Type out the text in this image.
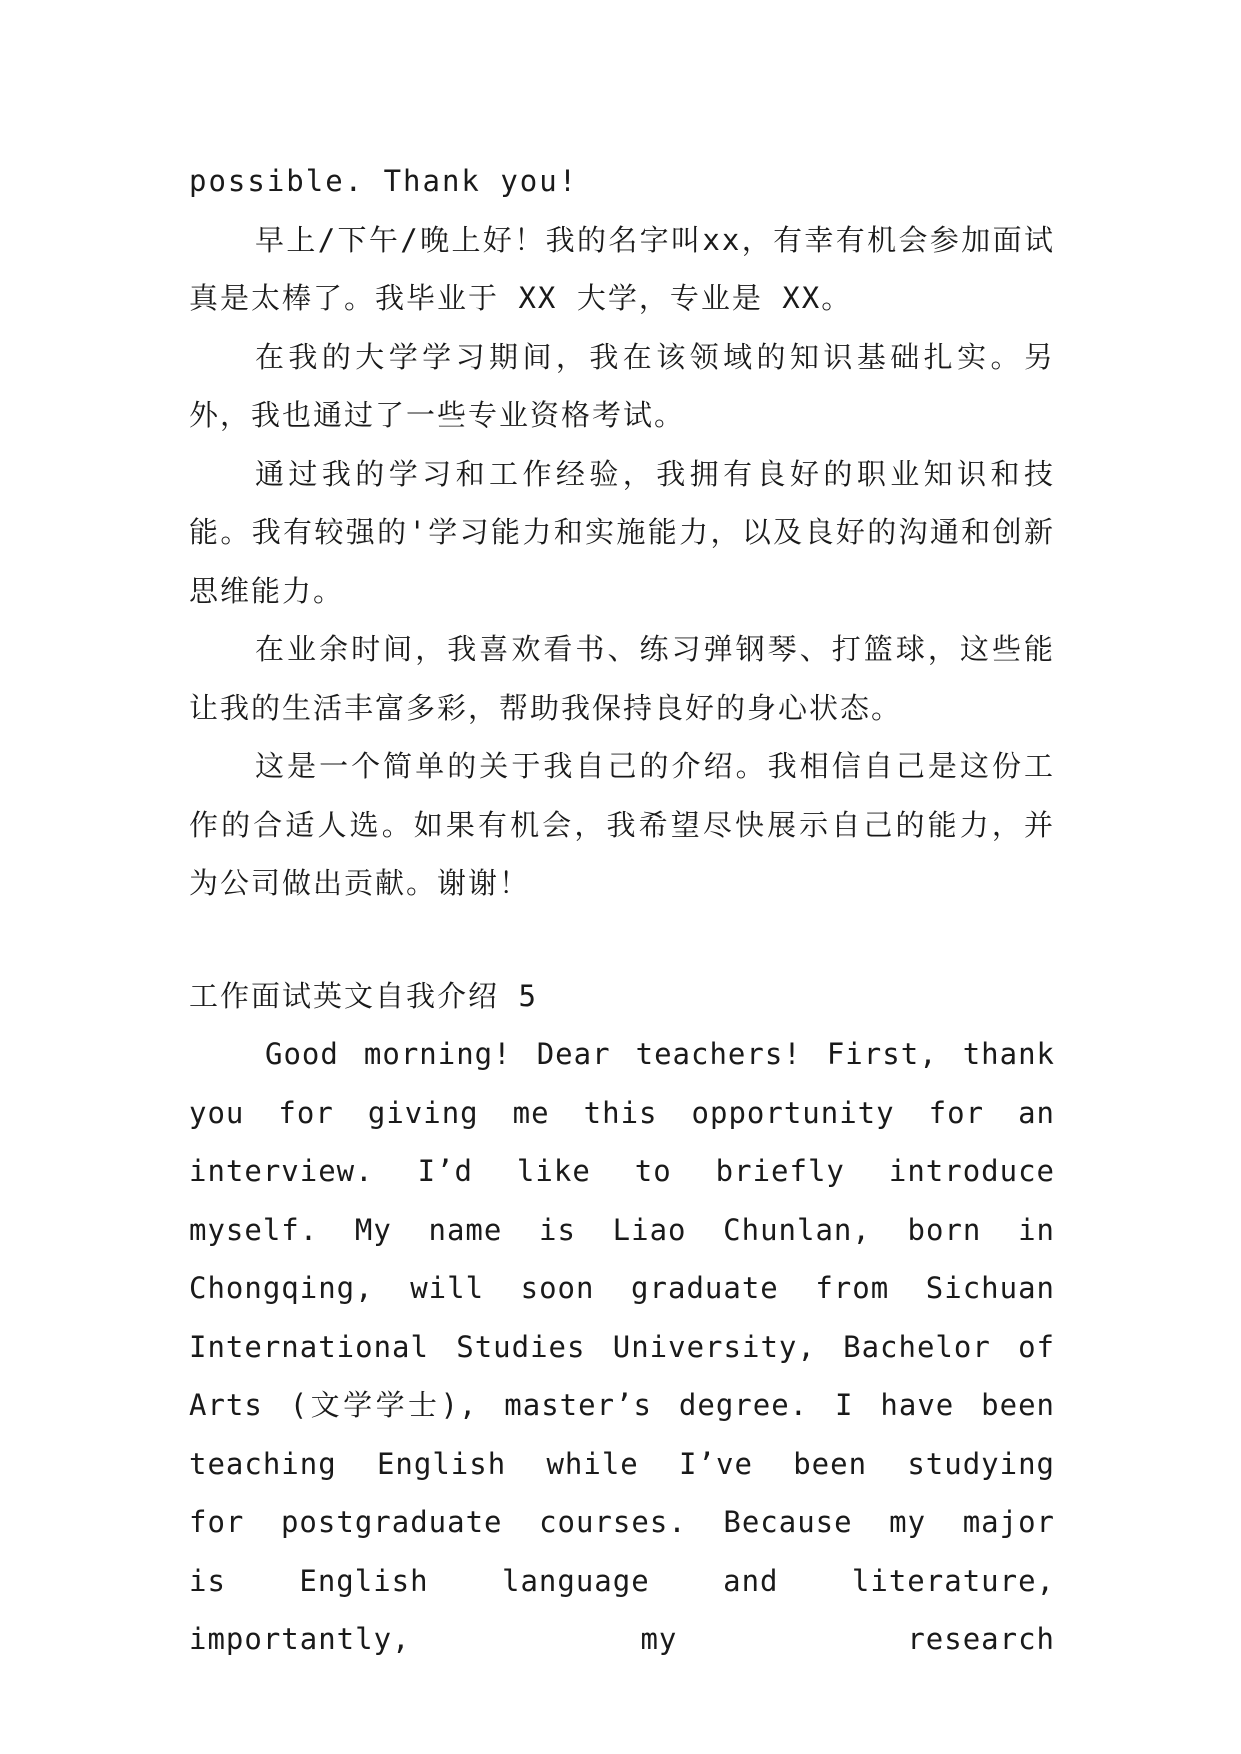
possible. Thank you!

早上/下午/晚上好！我的名字叫xx，有幸有机会参加面试真是太棒了。我毕业于 XX 大学，专业是 XX。

在我的大学学习期间，我在该领域的知识基础扎实。另外，我也通过了一些专业资格考试。

通过我的学习和工作经验，我拥有良好的职业知识和技能。我有较强的'学习能力和实施能力，以及良好的沟通和创新思维能力。

在业余时间，我喜欢看书、练习弹钢琴、打篮球，这些能让我的生活丰富多彩，帮助我保持良好的身心状态。

这是一个简单的关于我自己的介绍。我相信自己是这份工作的合适人选。如果有机会，我希望尽快展示自己的能力，并为公司做出贡献。谢谢！

工作面试英文自我介绍 5

Good morning! Dear teachers! First, thank you for giving me this opportunity for an interview. I’d like to briefly introduce myself. My name is Liao Chunlan, born in Chongqing, will soon graduate from Sichuan International Studies University, Bachelor of Arts (文学学士), master’s degree. I have been teaching English while I’ve been studying for postgraduate courses. Because my major is English language and literature, importantly, my research
